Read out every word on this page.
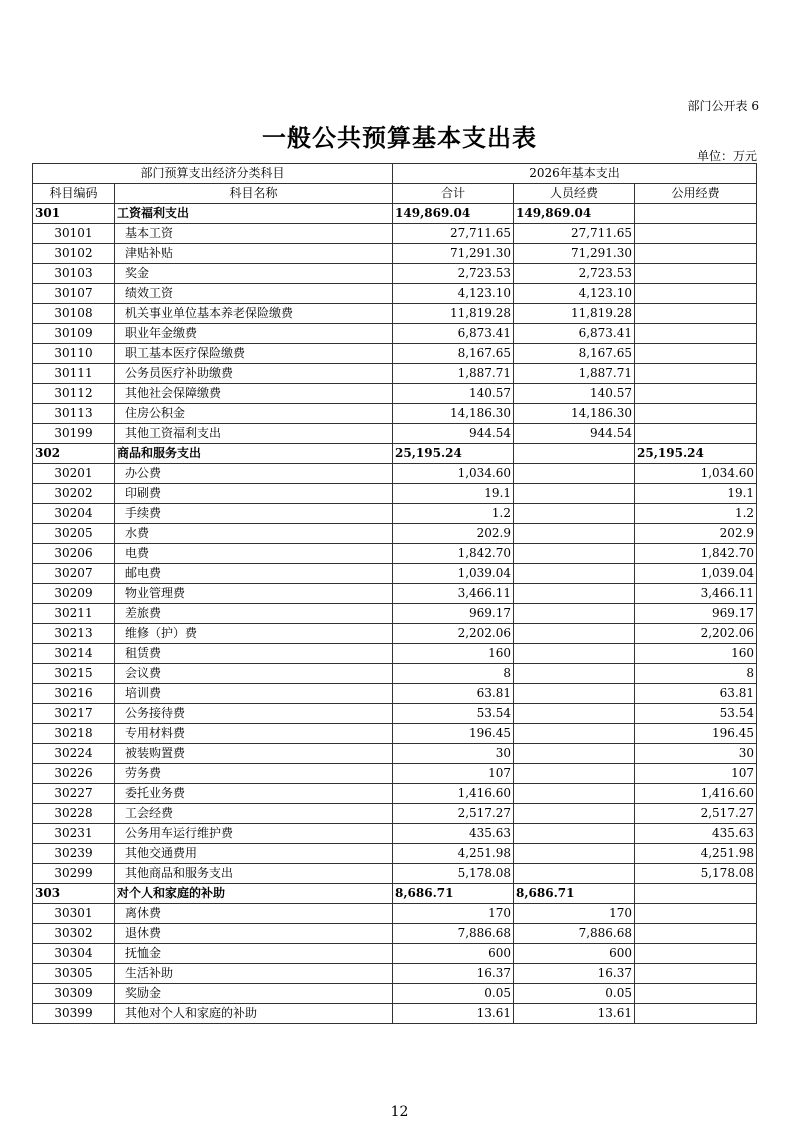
部门公开表 6
一般公共预算基本支出表
单位：万元
部门预算支出经济分类科目		2026年基本支出		
科目编码	科目名称	合计	人员经费	公用经费
301	工资福利支出	149,869.04	149,869.04	
30101	基本工资	27,711.65	27,711.65	
30102	津贴补贴	71,291.30	71,291.30	
30103	奖金	2,723.53	2,723.53	
30107	绩效工资	4,123.10	4,123.10	
30108	机关事业单位基本养老保险缴费	11,819.28	11,819.28	
30109	职业年金缴费	6,873.41	6,873.41	
30110	职工基本医疗保险缴费	8,167.65	8,167.65	
30111	公务员医疗补助缴费	1,887.71	1,887.71	
30112	其他社会保障缴费	140.57	140.57	
30113	住房公积金	14,186.30	14,186.30	
30199	其他工资福利支出	944.54	944.54	
302	商品和服务支出	25,195.24		25,195.24
30201	办公费	1,034.60		1,034.60
30202	印刷费	19.1		19.1
30204	手续费	1.2		1.2
30205	水费	202.9		202.9
30206	电费	1,842.70		1,842.70
30207	邮电费	1,039.04		1,039.04
30209	物业管理费	3,466.11		3,466.11
30211	差旅费	969.17		969.17
30213	维修（护）费	2,202.06		2,202.06
30214	租赁费	160		160
30215	会议费	8		8
30216	培训费	63.81		63.81
30217	公务接待费	53.54		53.54
30218	专用材料费	196.45		196.45
30224	被装购置费	30		30
30226	劳务费	107		107
30227	委托业务费	1,416.60		1,416.60
30228	工会经费	2,517.27		2,517.27
30231	公务用车运行维护费	435.63		435.63
30239	其他交通费用	4,251.98		4,251.98
30299	其他商品和服务支出	5,178.08		5,178.08
303	对个人和家庭的补助	8,686.71	8,686.71	
30301	离休费	170	170	
30302	退休费	7,886.68	7,886.68	
30304	抚恤金	600	600	
30305	生活补助	16.37	16.37	
30309	奖励金	0.05	0.05	
30399	其他对个人和家庭的补助	13.61	13.61	
12
